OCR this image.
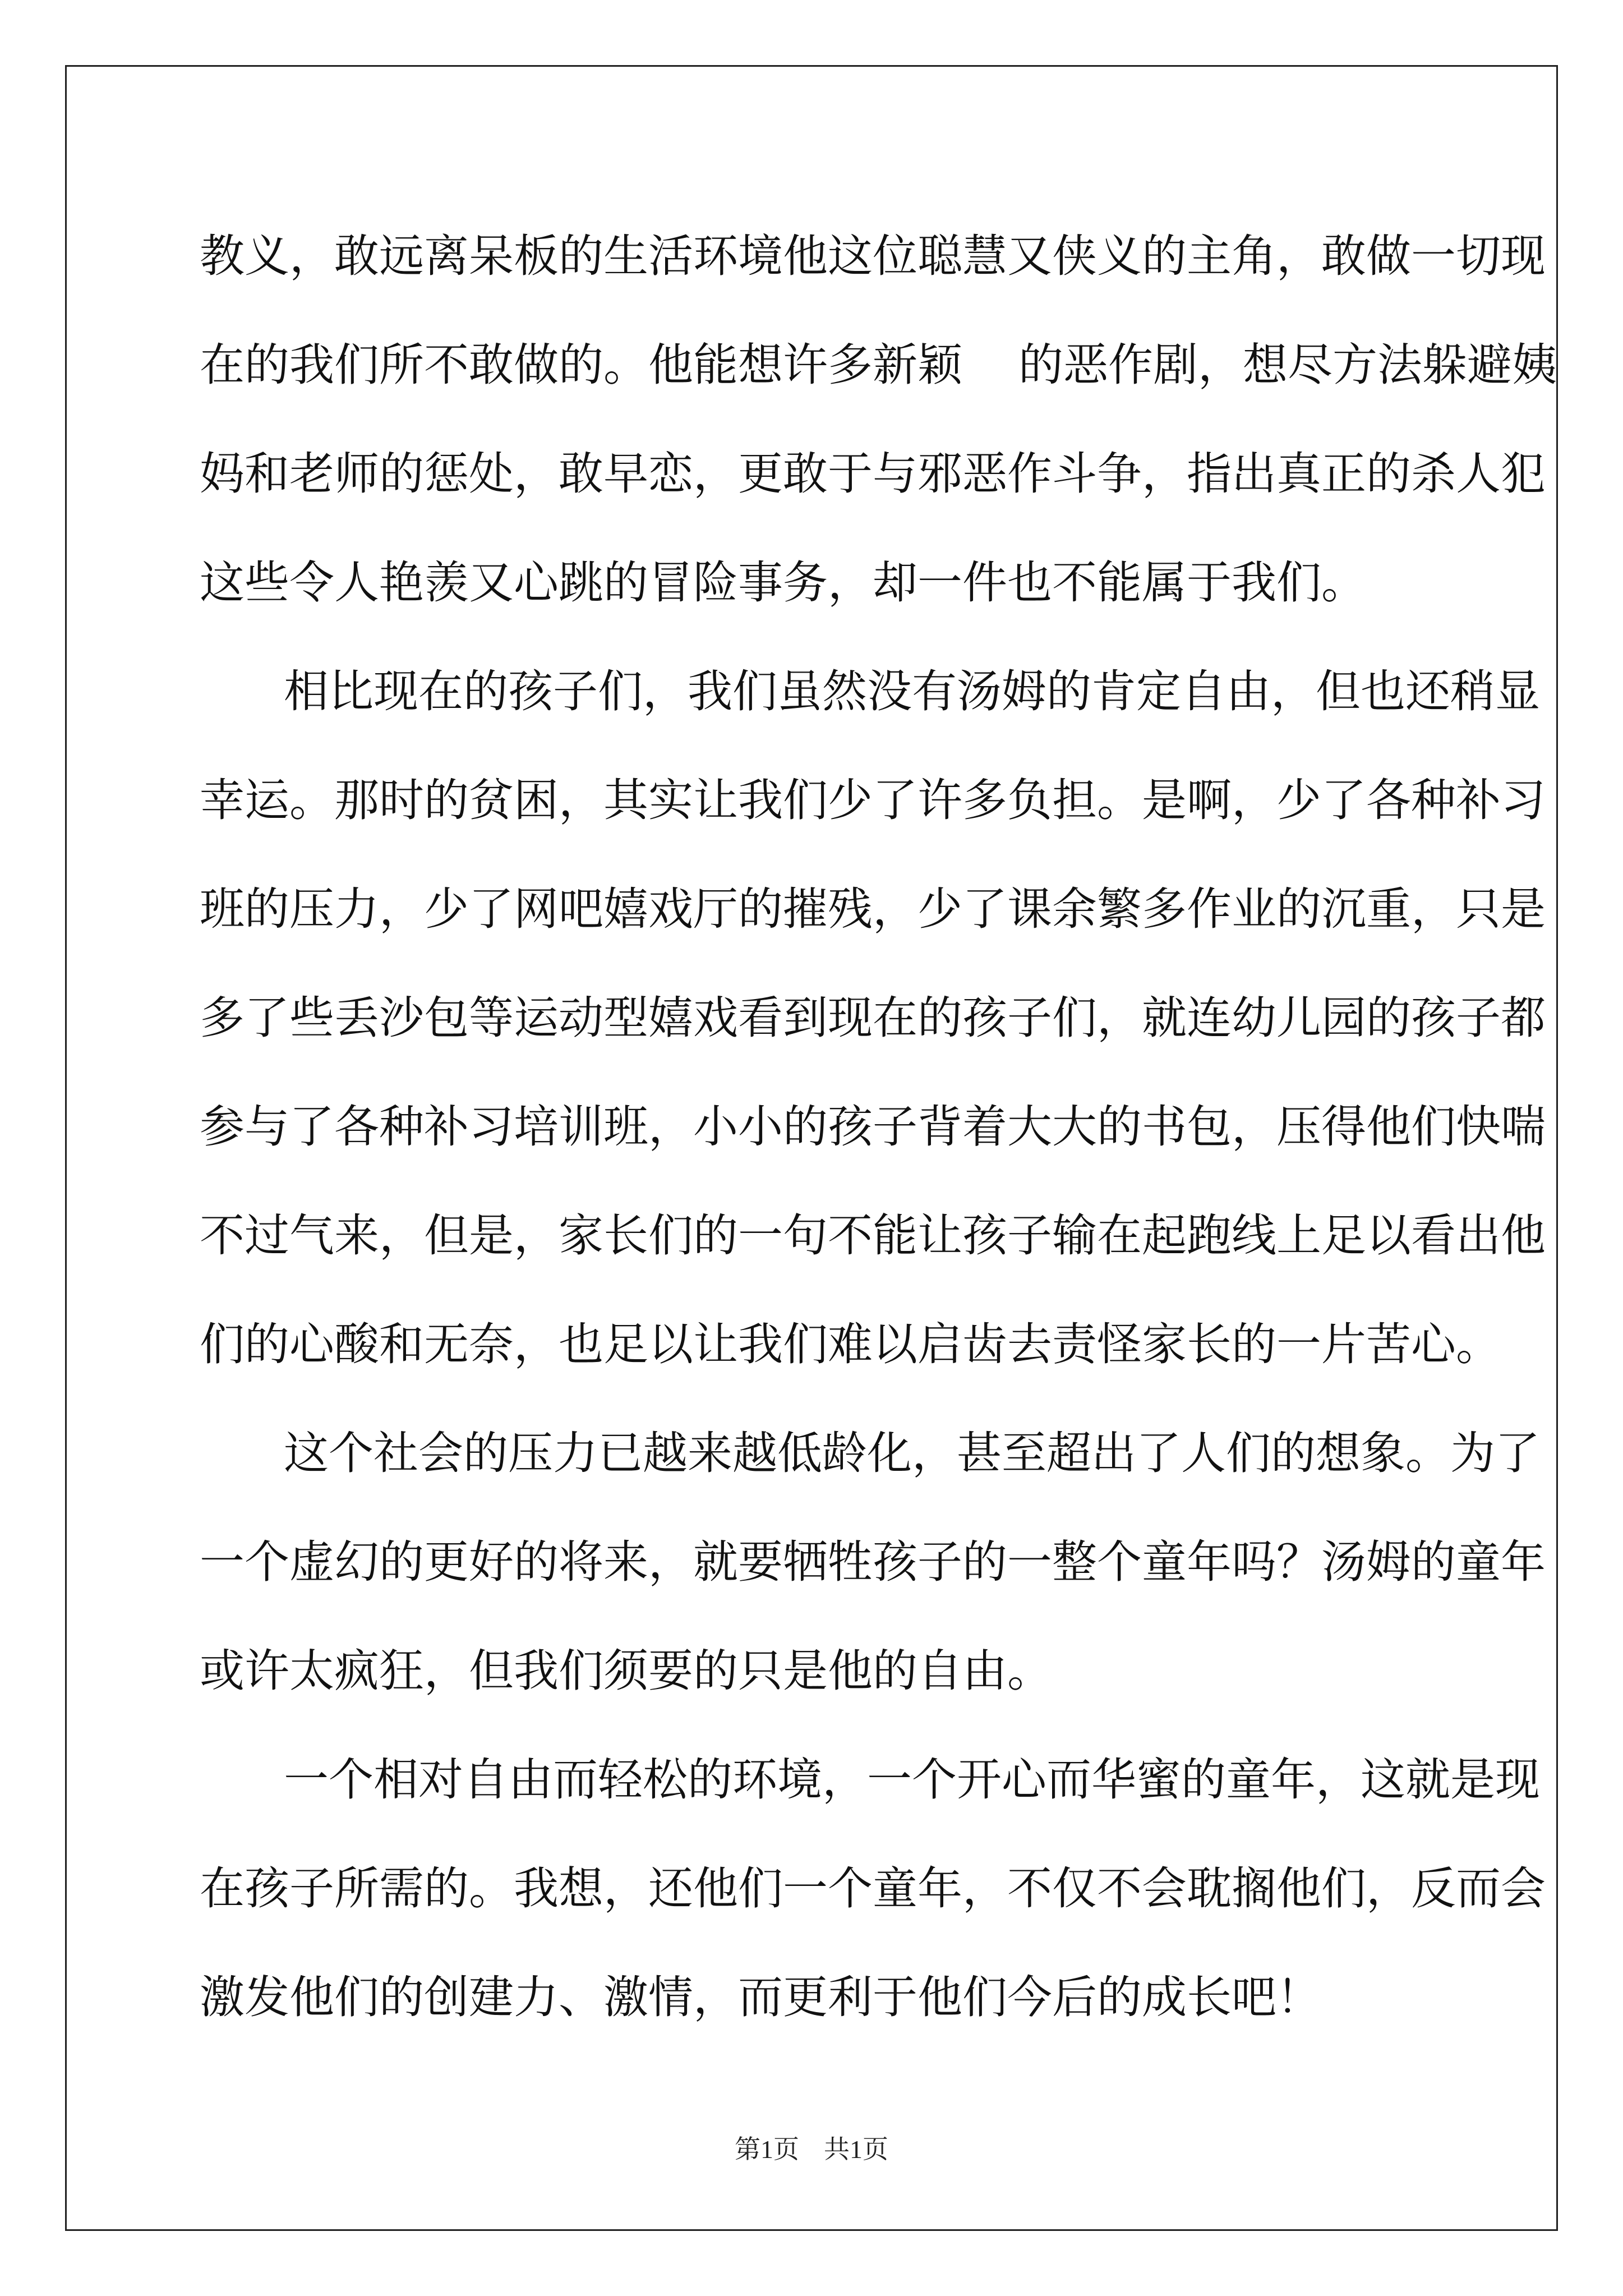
教义，敢远离呆板的生活环境他这位聪慧又侠义的主角，敢做一切现
在的我们所不敢做的。他能想许多新颖 的恶作剧，想尽方法躲避姨
妈和老师的惩处，敢早恋，更敢于与邪恶作斗争，指出真正的杀人犯
这些令人艳羡又心跳的冒险事务，却一件也不能属于我们。
相比现在的孩子们，我们虽然没有汤姆的肯定自由，但也还稍显
幸运。那时的贫困，其实让我们少了许多负担。是啊，少了各种补习
班的压力，少了网吧嬉戏厅的摧残，少了课余繁多作业的沉重，只是
多了些丢沙包等运动型嬉戏看到现在的孩子们，就连幼儿园的孩子都
参与了各种补习培训班，小小的孩子背着大大的书包，压得他们快喘
不过气来，但是，家长们的一句不能让孩子输在起跑线上足以看出他
们的心酸和无奈，也足以让我们难以启齿去责怪家长的一片苦心。
这个社会的压力已越来越低龄化，甚至超出了人们的想象。为了
一个虚幻的更好的将来，就要牺牲孩子的一整个童年吗？汤姆的童年
或许太疯狂，但我们须要的只是他的自由。
一个相对自由而轻松的环境，一个开心而华蜜的童年，这就是现
在孩子所需的。我想，还他们一个童年，不仅不会耽搁他们，反而会
激发他们的创建力、激情，而更利于他们今后的成长吧！
第1页 共1页
